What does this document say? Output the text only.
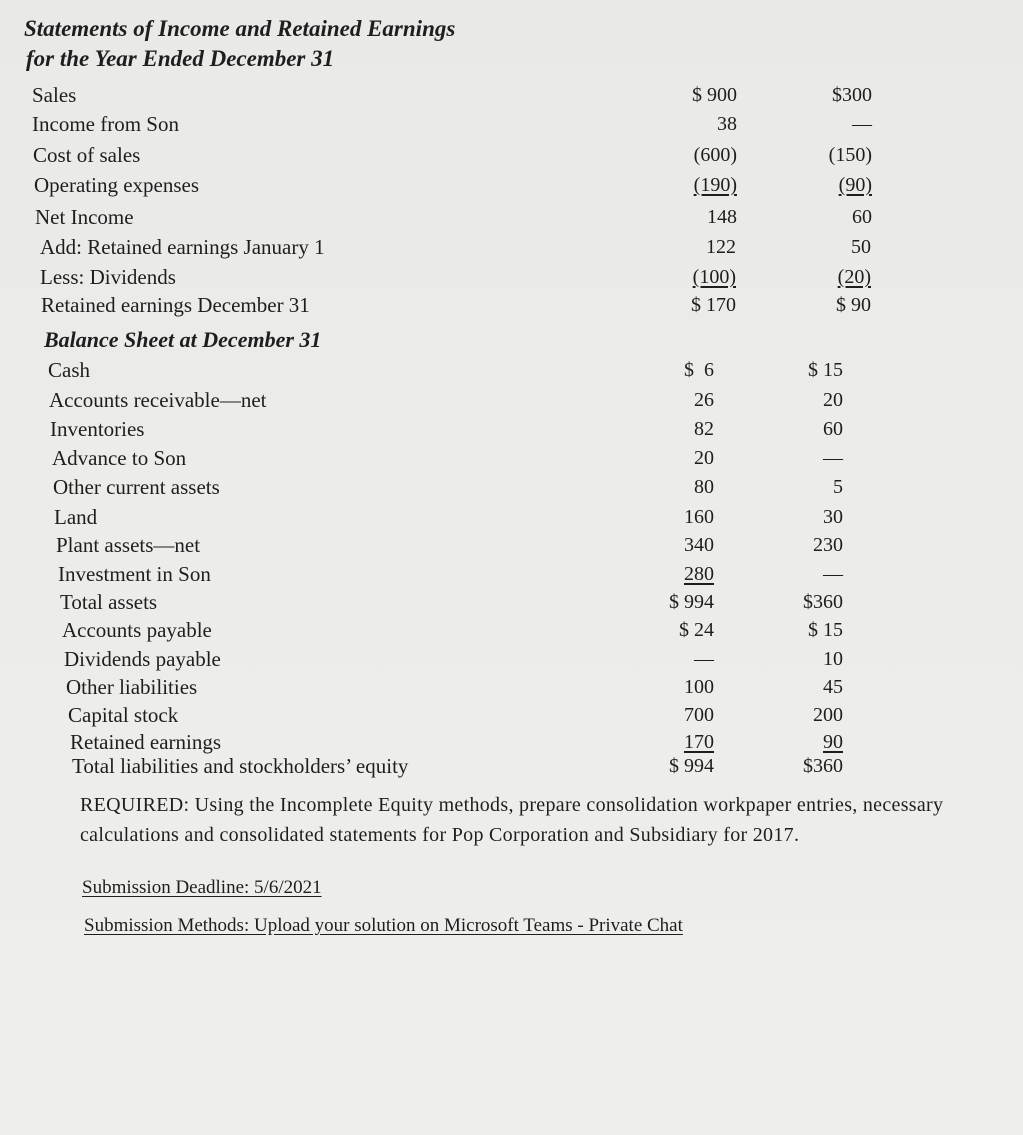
Statements of Income and Retained Earnings
for the Year Ended December 31
Sales	$ 900	$300
Income from Son	38	—
Cost of sales	(600)	(150)
Operating expenses	(190)	(90)
Net Income	148	60
Add: Retained earnings January 1	122	50
Less: Dividends	(100)	(20)
Retained earnings December 31	$ 170	$ 90
Balance Sheet at December 31
Cash	$  6	$ 15
Accounts receivable—net	26	20
Inventories	82	60
Advance to Son	20	—
Other current assets	80	5
Land	160	30
Plant assets—net	340	230
Investment in Son	280	—
Total assets	$ 994	$360
Accounts payable	$ 24	$ 15
Dividends payable	—	10
Other liabilities	100	45
Capital stock	700	200
Retained earnings	170	90
Total liabilities and stockholders’ equity	$ 994	$360
REQUIRED: Using the Incomplete Equity methods, prepare consolidation workpaper entries, necessary calculations and consolidated statements for Pop Corporation and Subsidiary for 2017.
Submission Deadline: 5/6/2021
Submission Methods: Upload your solution on Microsoft Teams - Private Chat
